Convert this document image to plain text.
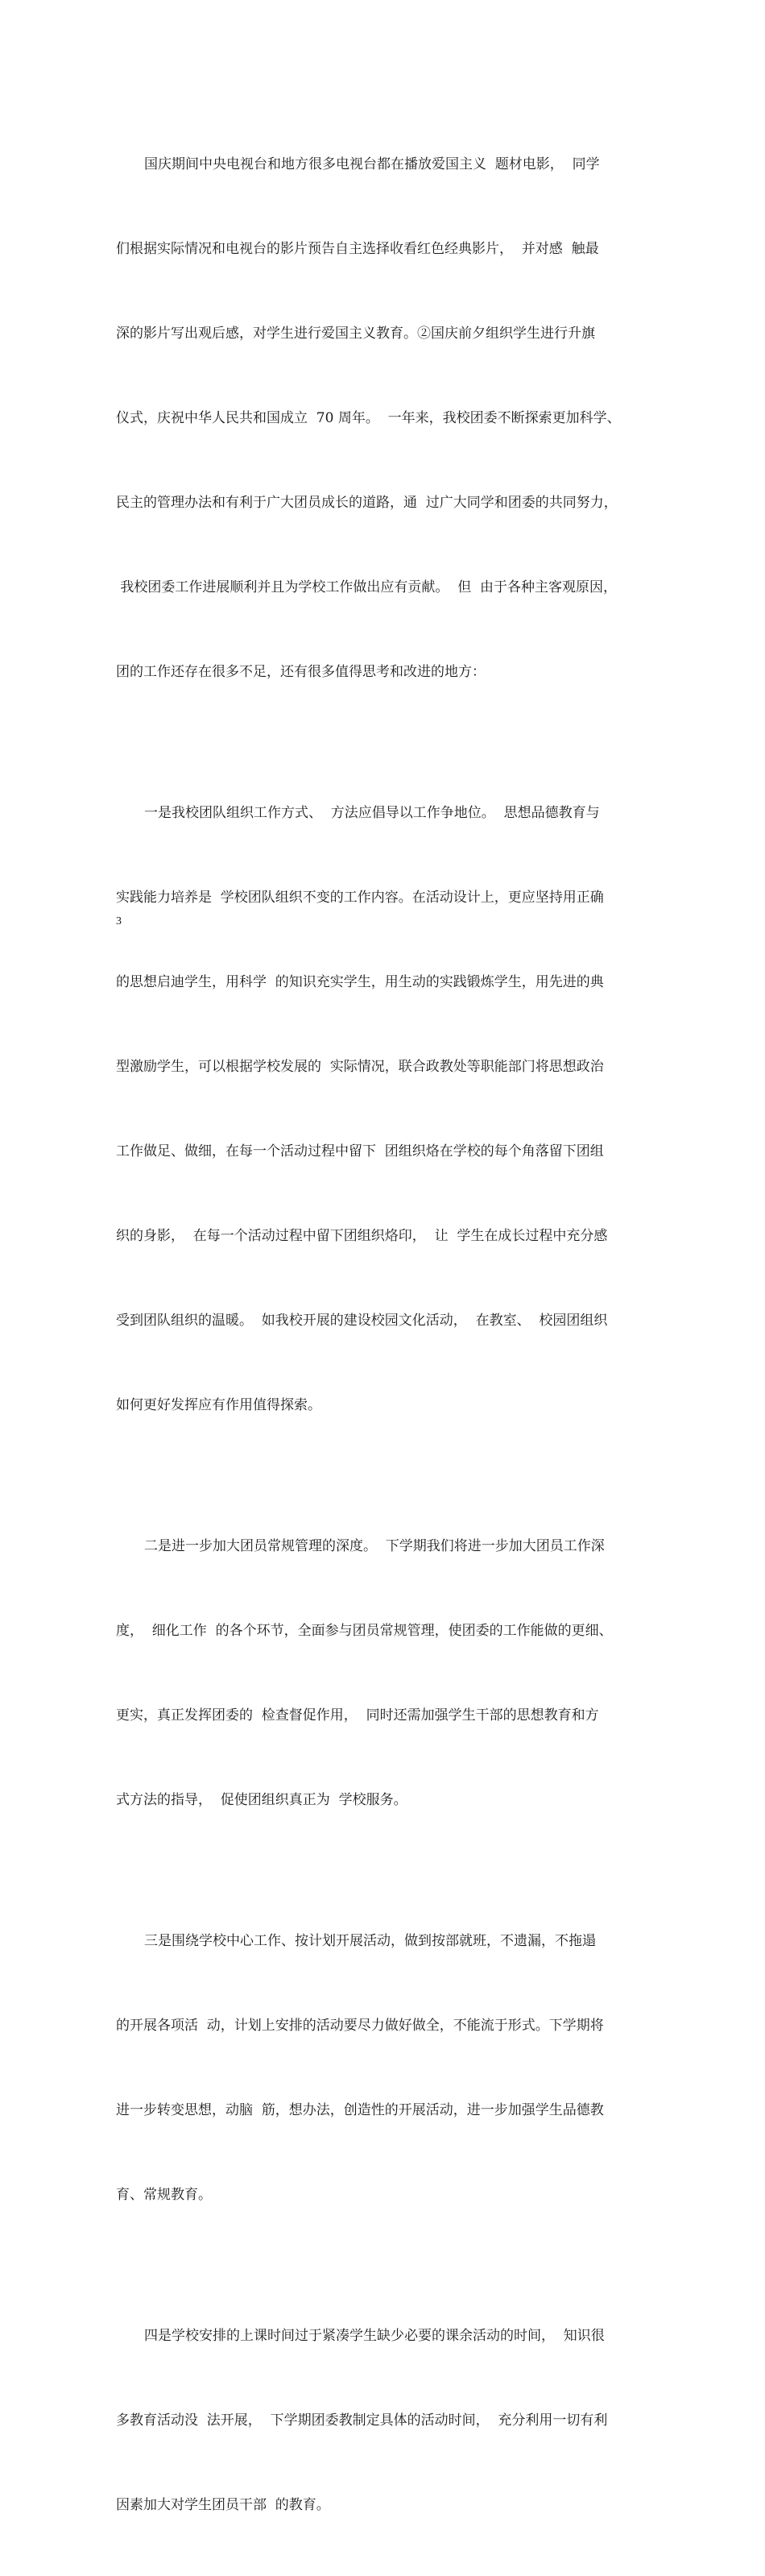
国庆期间中央电视台和地方很多电视台都在播放爱国主义  题材电影，  同学

们根据实际情况和电视台的影片预告自主选择收看红色经典影片，  并对感  触最

深的影片写出观后感，对学生进行爱国主义教育。②国庆前夕组织学生进行升旗

仪式，庆祝中华人民共和国成立  70 周年。  一年来，我校团委不断探索更加科学、

民主的管理办法和有利于广大团员成长的道路，通  过广大同学和团委的共同努力，

我校团委工作进展顺利并且为学校工作做出应有贡献。  但  由于各种主客观原因，

团的工作还存在很多不足，还有很多值得思考和改进的地方：

一是我校团队组织工作方式、  方法应倡导以工作争地位。  思想品德教育与

实践能力培养是  学校团队组织不变的工作内容。在活动设计上，更应坚持用正确

的思想启迪学生，用科学  的知识充实学生，用生动的实践锻炼学生，用先进的典

型激励学生，可以根据学校发展的  实际情况，联合政教处等职能部门将思想政治

工作做足、做细，在每一个活动过程中留下  团组织烙在学校的每个角落留下团组

织的身影，  在每一个活动过程中留下团组织烙印，  让  学生在成长过程中充分感

受到团队组织的温暖。  如我校开展的建设校园文化活动，  在教室、  校园团组织

如何更好发挥应有作用值得探索。

二是进一步加大团员常规管理的深度。  下学期我们将进一步加大团员工作深

度，  细化工作  的各个环节，全面参与团员常规管理，使团委的工作能做的更细、

更实，真正发挥团委的  检查督促作用，  同时还需加强学生干部的思想教育和方

式方法的指导，  促使团组织真正为  学校服务。

三是围绕学校中心工作、按计划开展活动，做到按部就班，不遗漏，不拖遢

的开展各项活  动，计划上安排的活动要尽力做好做全，不能流于形式。下学期将

进一步转变思想，动脑  筋，想办法，创造性的开展活动，进一步加强学生品德教

育、常规教育。

四是学校安排的上课时间过于紧凑学生缺少必要的课余活动的时间，  知识很

多教育活动没  法开展，  下学期团委教制定具体的活动时间，  充分利用一切有利

因素加大对学生团员干部  的教育。

3
